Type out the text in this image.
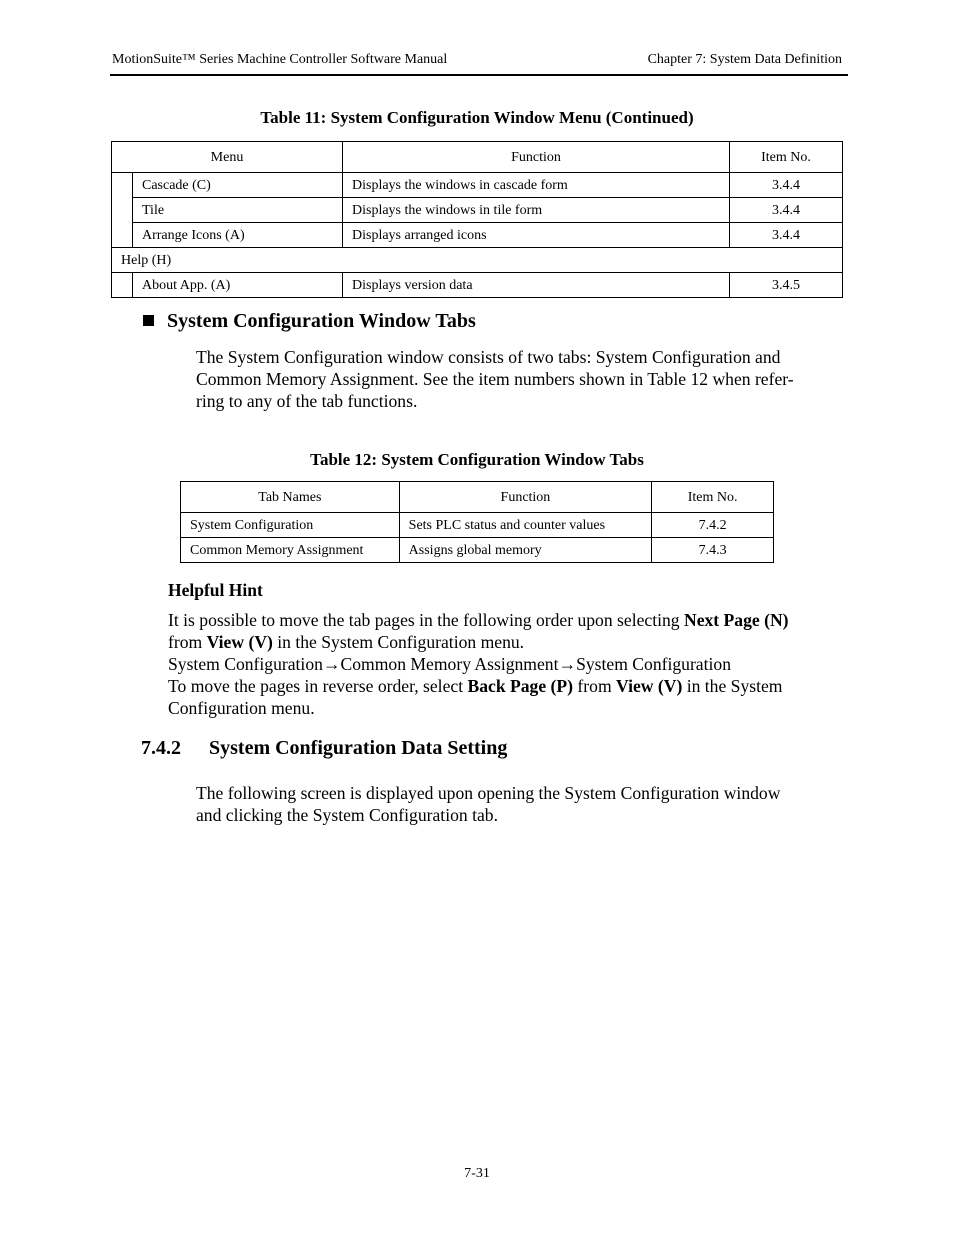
MotionSuite™ Series Machine Controller Software Manual	Chapter 7: System Data Definition
Table 11: System Configuration Window Menu (Continued)
Menu		Function	Item No.
	Cascade (C)	Displays the windows in cascade form	3.4.4
	Tile	Displays the windows in tile form	3.4.4
	Arrange Icons (A)	Displays arranged icons	3.4.4
Help (H)			
	About App. (A)	Displays version data	3.4.5
System Configuration Window Tabs
The System Configuration window consists of two tabs: System Configuration and
Common Memory Assignment. See the item numbers shown in Table 12 when refer-
ring to any of the tab functions.
Table 12: System Configuration Window Tabs
Tab Names	Function	Item No.
System Configuration	Sets PLC status and counter values	7.4.2
Common Memory Assignment	Assigns global memory	7.4.3
Helpful Hint
It is possible to move the tab pages in the following order upon selecting Next Page (N)
from View (V) in the System Configuration menu.
System Configuration→Common Memory Assignment→System Configuration
To move the pages in reverse order, select Back Page (P) from View (V) in the System
Configuration menu.
7.4.2 System Configuration Data Setting
The following screen is displayed upon opening the System Configuration window
and clicking the System Configuration tab.
7-31
